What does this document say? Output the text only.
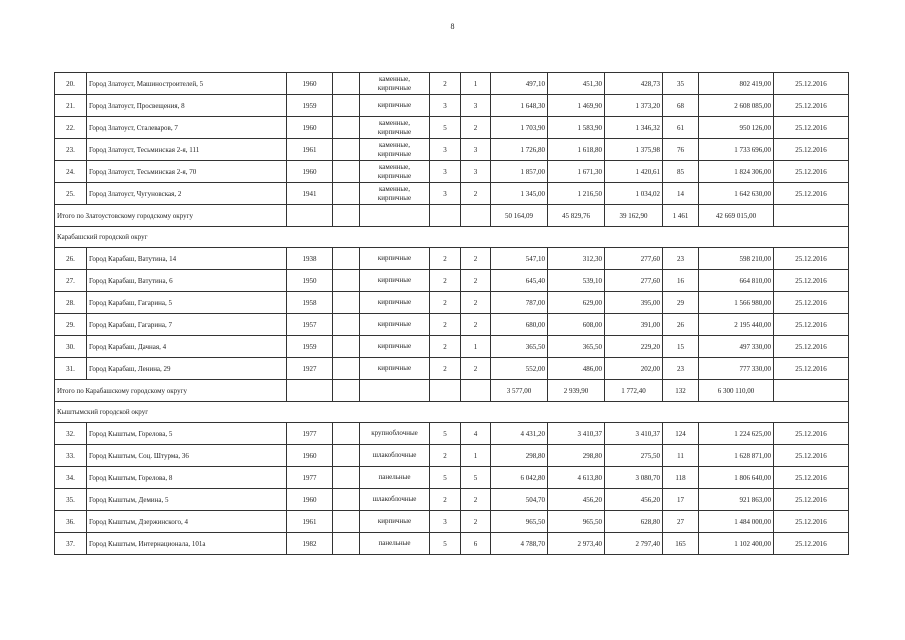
8
20.	Город Златоуст, Машиностроителей, 5	1960		каменные, кирпичные	2	1	497,10	451,30	428,73	35	802 419,00	25.12.2016
21.	Город Златоуст, Просвещения, 8	1959		кирпичные	3	3	1 648,30	1 469,90	1 373,20	68	2 608 085,00	25.12.2016
22.	Город Златоуст, Сталеваров, 7	1960		каменные, кирпичные	5	2	1 703,90	1 583,90	1 346,32	61	950 126,00	25.12.2016
23.	Город Златоуст, Тесьминская 2-я, 111	1961		каменные, кирпичные	3	3	1 726,80	1 618,80	1 375,98	76	1 733 696,00	25.12.2016
24.	Город Златоуст, Тесьминская 2-я, 70	1960		каменные, кирпичные	3	3	1 857,00	1 671,30	1 420,61	85	1 824 306,00	25.12.2016
25.	Город Златоуст, Чугуновская, 2	1941		каменные, кирпичные	3	2	1 345,00	1 216,50	1 034,02	14	1 642 630,00	25.12.2016
Итого по Златоустовскому городскому округу							50 164,09	45 829,76	39 162,90	1 461	42 669 015,00	
Карабашский городской округ												
26.	Город Карабаш, Ватутина, 14	1938		кирпичные	2	2	547,10	312,30	277,60	23	598 210,00	25.12.2016
27.	Город Карабаш, Ватутина, 6	1950		кирпичные	2	2	645,40	539,10	277,60	16	664 810,00	25.12.2016
28.	Город Карабаш, Гагарина, 5	1958		кирпичные	2	2	787,00	629,00	395,00	29	1 566 980,00	25.12.2016
29.	Город Карабаш, Гагарина, 7	1957		кирпичные	2	2	680,00	608,00	391,00	26	2 195 440,00	25.12.2016
30.	Город Карабаш, Дачная, 4	1959		кирпичные	2	1	365,50	365,50	229,20	15	497 330,00	25.12.2016
31.	Город Карабаш, Ленина, 29	1927		кирпичные	2	2	552,00	486,00	202,00	23	777 330,00	25.12.2016
Итого по Карабашскому городскому округу							3 577,00	2 939,90	1 772,40	132	6 300 110,00	
Кыштымский городской округ												
32.	Город Кыштым, Горелова, 5	1977		крупноблочные	5	4	4 431,20	3 410,37	3 410,37	124	1 224 625,00	25.12.2016
33.	Город Кыштым, Соц. Штурма, 36	1960		шлакоблочные	2	1	298,80	298,80	275,50	11	1 628 871,00	25.12.2016
34.	Город Кыштым, Горелова, 8	1977		панельные	5	5	6 042,80	4 613,80	3 080,70	118	1 806 640,00	25.12.2016
35.	Город Кыштым, Демина, 5	1960		шлакоблочные	2	2	504,70	456,20	456,20	17	921 863,00	25.12.2016
36.	Город Кыштым, Дзержинского, 4	1961		кирпичные	3	2	965,50	965,50	628,80	27	1 484 000,00	25.12.2016
37.	Город Кыштым, Интернационала, 101а	1982		панельные	5	6	4 788,70	2 973,40	2 797,40	165	1 102 400,00	25.12.2016
